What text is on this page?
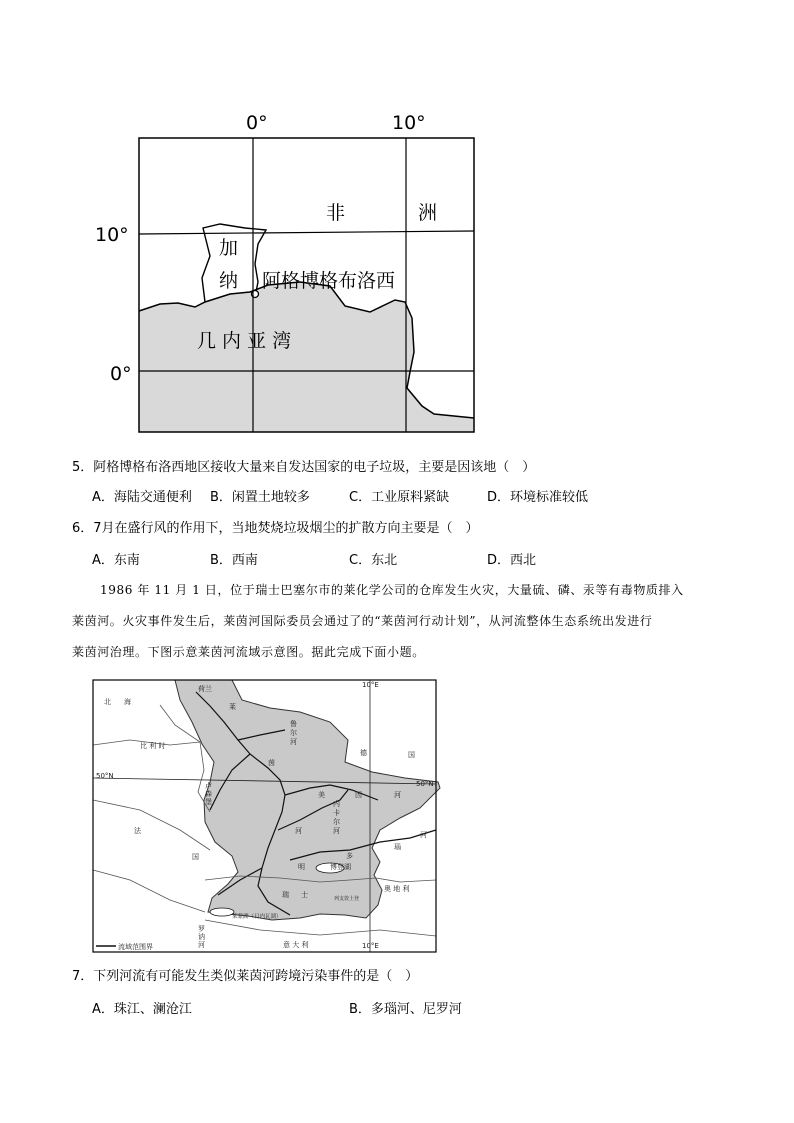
0°	10°
10°
0°
非	洲
加
纳 阿格博格布洛西
几 内 亚 湾
5．阿格博格布洛西地区接收大量来自发达国家的电子垃圾，主要是因该地（　）
A．海陆交通便利 B．闲置土地较多	C．工业原料紧缺	D．环境标准较低
6．7月在盛行风的作用下，当地焚烧垃圾烟尘的扩散方向主要是（　）
A．东南	B．西南	C．东北	D．西北
1986 年 11 月 1 日，位于瑞士巴塞尔市的莱化学公司的仓库发生火灾，大量硫、磷、汞等有毒物质排入
莱茵河。火灾事件发生后，莱茵河国际委员会通过了的“莱茵河行动计划”，从河流整体生态系统出发进行
莱茵河治理。下图示意莱茵河流域示意图。据此完成下面小题。
北 海
荷兰
莱
比 利 时
50°N
50°N
10°E
10°E
鲁尔河
茵
德	国
卢森堡
美	因
内卡尔河
河
河
法
国
明
多
博登湖
瑙
河
奥 地 利
瑞 士	列支敦士登
莱蒙湖（日内瓦湖）
罗
讷
河	意 大 利
流域范围界
7．下列河流有可能发生类似莱茵河跨境污染事件的是（　）
A．珠江、澜沧江	B．多瑙河、尼罗河
